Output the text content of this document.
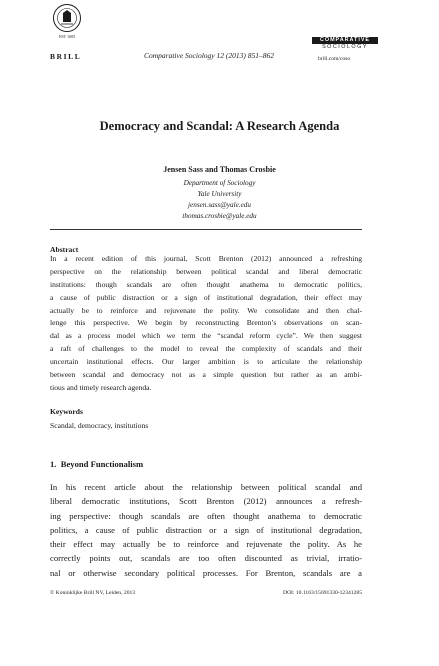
EST 1683
BRILL	Comparative Sociology 12 (2013) 851–862
COMPARATIVE
SOCIOLOGY
brill.com/coso
Democracy and Scandal: A Research Agenda
Jensen Sass and Thomas Crosbie
Department of Sociology
Yale University
jensen.sass@yale.edu
thomas.crosbie@yale.edu
Abstract
In a recent edition of this journal, Scott Brenton (2012) announced a refreshing
perspective on the relationship between political scandal and liberal democratic
institutions: though scandals are often thought anathema to democratic politics,
a cause of public distraction or a sign of institutional degradation, their effect may
actually be to reinforce and rejuvenate the polity. We consolidate and then chal-
lenge this perspective. We begin by reconstructing Brenton’s observations on scan-
dal as a process model which we term the “scandal reform cycle”. We then suggest
a raft of challenges to the model to reveal the complexity of scandals and their
uncertain institutional effects. Our larger ambition is to articulate the relationship
between scandal and democracy not as a simple question but rather as an ambi-
tious and timely research agenda.
Keywords
Scandal, democracy, institutions
1. Beyond Functionalism
In his recent article about the relationship between political scandal and
liberal democratic institutions, Scott Brenton (2012) announces a refresh-
ing perspective: though scandals are often thought anathema to democratic
politics, a cause of public distraction or a sign of institutional degradation,
their effect may actually be to reinforce and rejuvenate the polity. As he
correctly points out, scandals are too often discounted as trivial, irratio-
nal or otherwise secondary political processes. For Brenton, scandals are a
© Koninklijke Brill NV, Leiden, 2013	DOI: 10.1163/15691330-12341285
